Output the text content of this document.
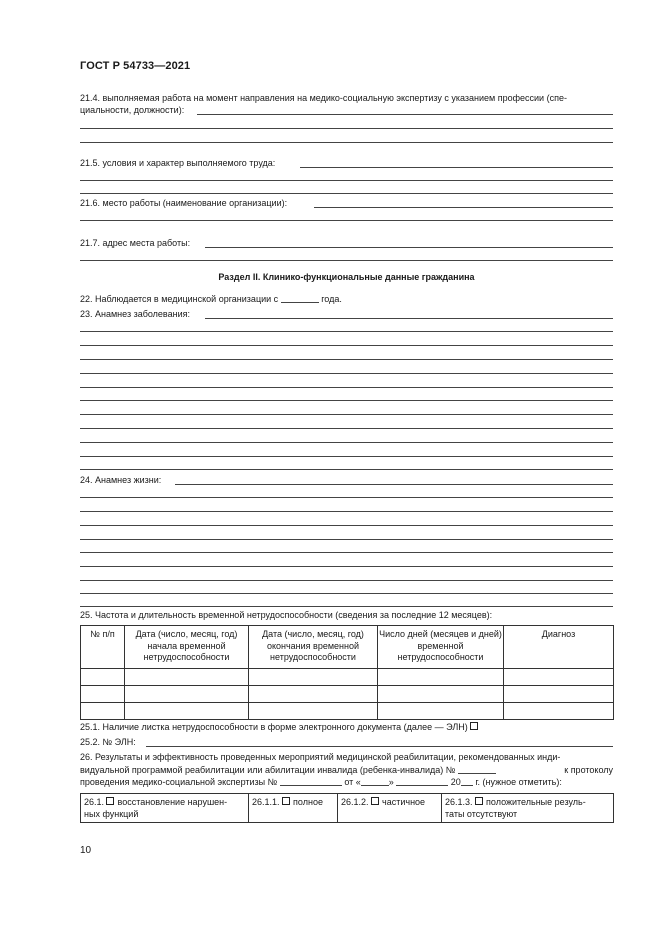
ГОСТ Р 54733—2021
21.4. выполняемая работа на момент направления на медико-социальную экспертизу с указанием профессии (спе-
циальности, должности):
21.5. условия и характер выполняемого труда:
21.6. место работы (наименование организации):
21.7. адрес места работы:
Раздел II. Клинико-функциональные данные гражданина
22. Наблюдается в медицинской организации с	года.
23. Анамнез заболевания:
24. Анамнез жизни:
25. Частота и длительность временной нетрудоспособности (сведения за последние 12 месяцев):
№ п/п	Дата (число, месяц, год) начала временной нетрудоспособности	Дата (число, месяц, год) окончания временной нетрудоспособности	Число дней (месяцев и дней) временной нетрудоспособности	Диагноз

25.1. Наличие листка нетрудоспособности в форме электронного документа (далее — ЭЛН)
25.2. № ЭЛН:
26. Результаты и эффективность проведенных мероприятий медицинской реабилитации, рекомендованных инди-
видуальной программой реабилитации или абилитации инвалида (ребенка-инвалида) №	к протоколу
проведения медико-социальной экспертизы №	от «	»	20 г. (нужное отметить):
26.1. восстановление нарушен-
ных функций	26.1.1. полное	26.1.2. частичное	26.1.3. положительные резуль-
таты отсутствуют
10
